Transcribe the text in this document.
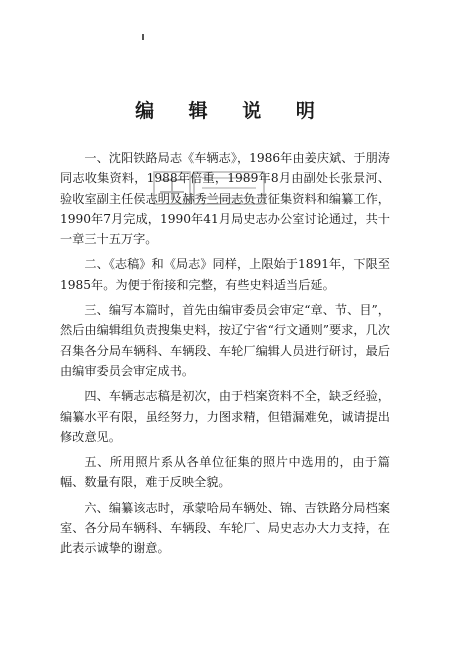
编 辑 说 明

一、沈阳铁路局志《车辆志》，1986年由姜庆斌、于朋涛同志收集资料，1988年倍重，1989年8月由副处长张景河、验收室副主任侯志明及赫秀兰同志负责征集资料和编纂工作，1990年7月完成，1990年41月局史志办公室讨论通过，共十一章三十五万字。

二、《志稿》和《局志》同样，上限始于1891年，下限至1985年。为便于衔接和完整，有些史料适当后延。

三、编写本篇时，首先由编审委员会审定“章、节、目”，然后由编辑组负责搜集史料，按辽宁省“行文通则”要求，几次召集各分局车辆科、车辆段、车轮厂编辑人员进行研讨，最后由编审委员会审定成书。

四、车辆志志稿是初次，由于档案资料不全，缺乏经验，编纂水平有限，虽经努力，力图求精，但错漏难免，诚请提出修改意见。

五、所用照片系从各单位征集的照片中选用的，由于篇幅、数量有限，难于反映全貌。

六、编纂该志时，承蒙哈局车辆处、锦、吉铁路分局档案室、各分局车辆科、车辆段、车轮厂、局史志办大力支持，在此表示诚挚的谢意。
